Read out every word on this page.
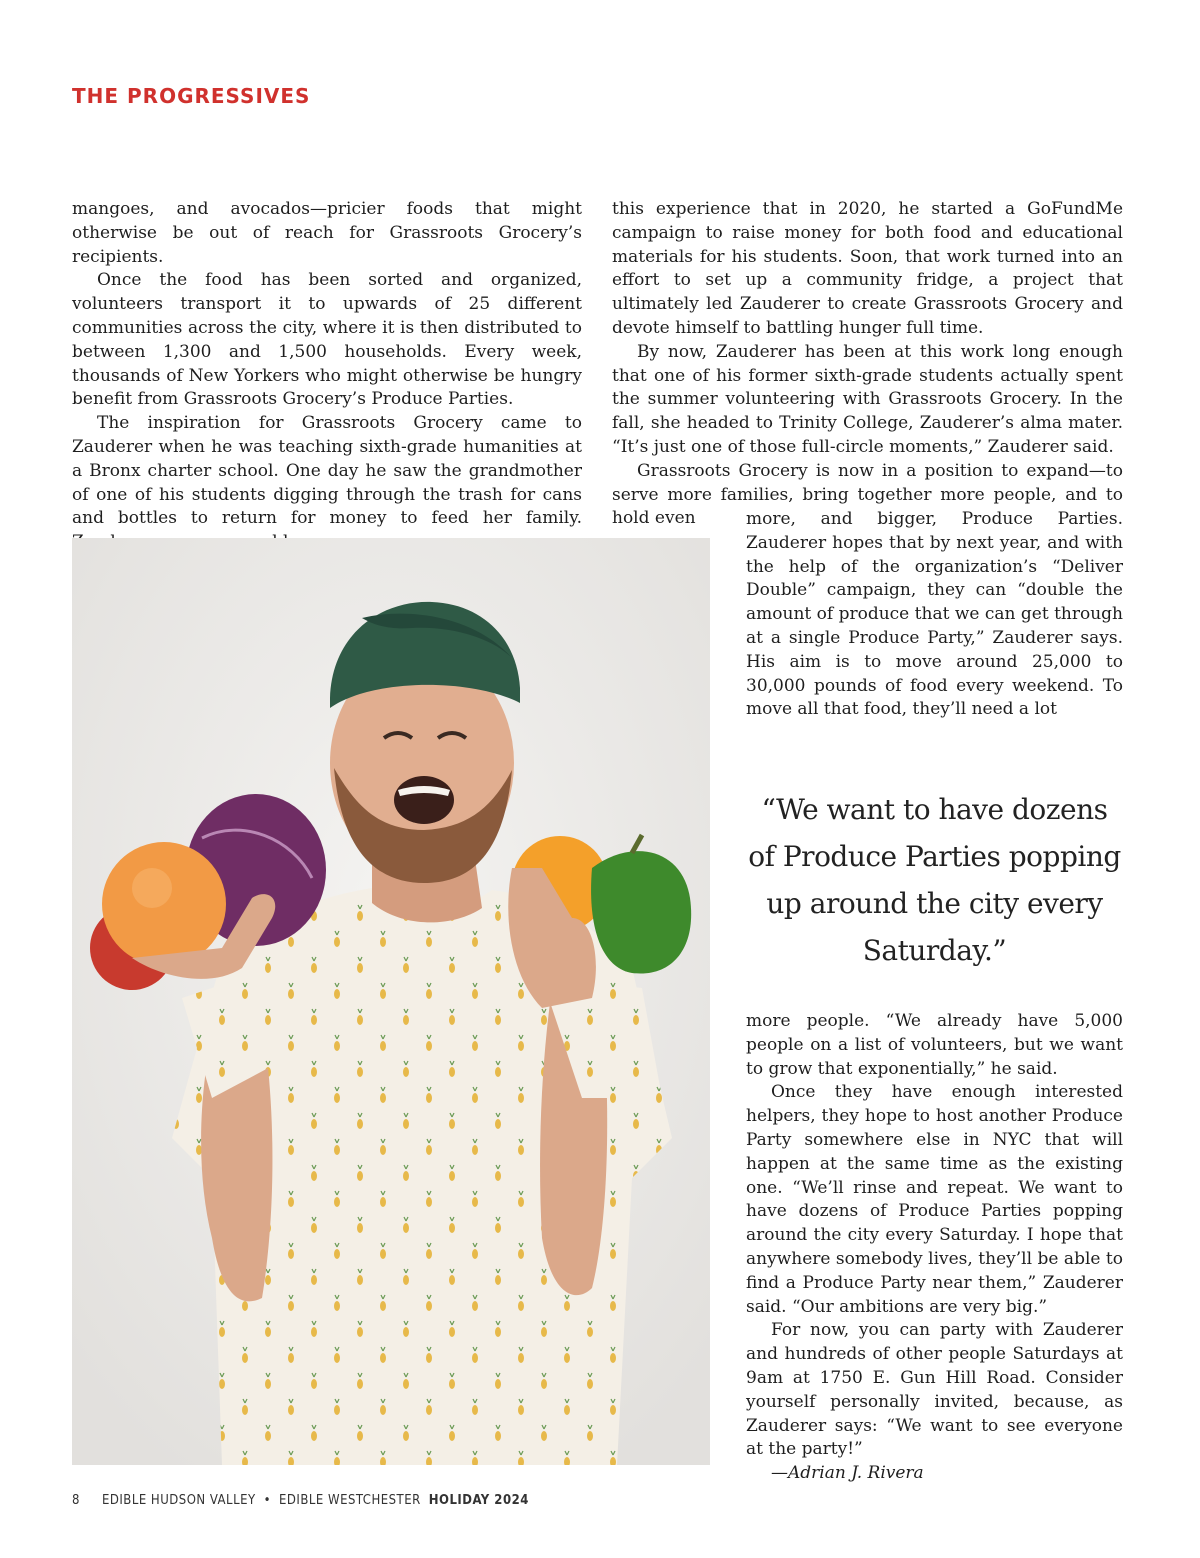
THE PROGRESSIVES

mangoes, and avocados—pricier foods that might otherwise be out of reach for Grassroots Grocery’s recipients.

Once the food has been sorted and organized, volunteers transport it to upwards of 25 different communities across the city, where it is then distributed to between 1,300 and 1,500 households. Every week, thousands of New Yorkers who might otherwise be hungry benefit from Grassroots Grocery’s Produce Parties.

The inspiration for Grassroots Grocery came to Zauderer when he was teaching sixth-grade humanities at a Bronx charter school. One day he saw the grandmother of one of his students digging through the trash for cans and bottles to return for money to feed her family.

this experience that in 2020, he started a GoFundMe campaign to raise money for both food and educational materials for his students. Soon, that work turned into an effort to set up a community fridge, a project that ultimately led Zauderer to create Grassroots Grocery and devote himself to battling hunger full time.

By now, Zauderer has been at this work long enough that one of his former sixth-grade students actually spent the summer volunteering with Grassroots Grocery. In the fall, she headed to Trinity College, Zauderer’s alma mater. “It’s just one of those full-circle moments,” Zauderer said.

Grassroots Grocery is now in a position to expand—to serve more families, bring together more people, and to hold even	more, and bigger, Produce Parties. Zauderer hopes that by next year, and with the help of the organization’s “Deliver Double” campaign, they can “double the amount of produce that we can get through at a single Produce Party,” Zauderer says. His aim is to move around 25,000 to 30,000 pounds of food every weekend. To move all that food, they’ll need a lot

“We want to have dozens of Produce Parties popping up around the city every Saturday.”

more people. “We already have 5,000 people on a list of volunteers, but we want to grow that exponentially,” he said.

Once they have enough interested helpers, they hope to host another Produce Party somewhere else in NYC that will happen at the same time as the existing one. “We’ll rinse and repeat. We want to have dozens of Produce Parties popping around the city every Saturday. I hope that anywhere somebody lives, they’ll be able to find a Produce Party near them,” Zauderer said. “Our ambitions are very big.”

For now, you can party with Zauderer and hundreds of other people Saturdays at 9am at 1750 E. Gun Hill Road. Consider yourself personally invited, because, as Zauderer says: “We want to see everyone at the party!”

—Adrian J. Rivera

8 EDIBLE HUDSON VALLEY • EDIBLE WESTCHESTER HOLIDAY 2024
